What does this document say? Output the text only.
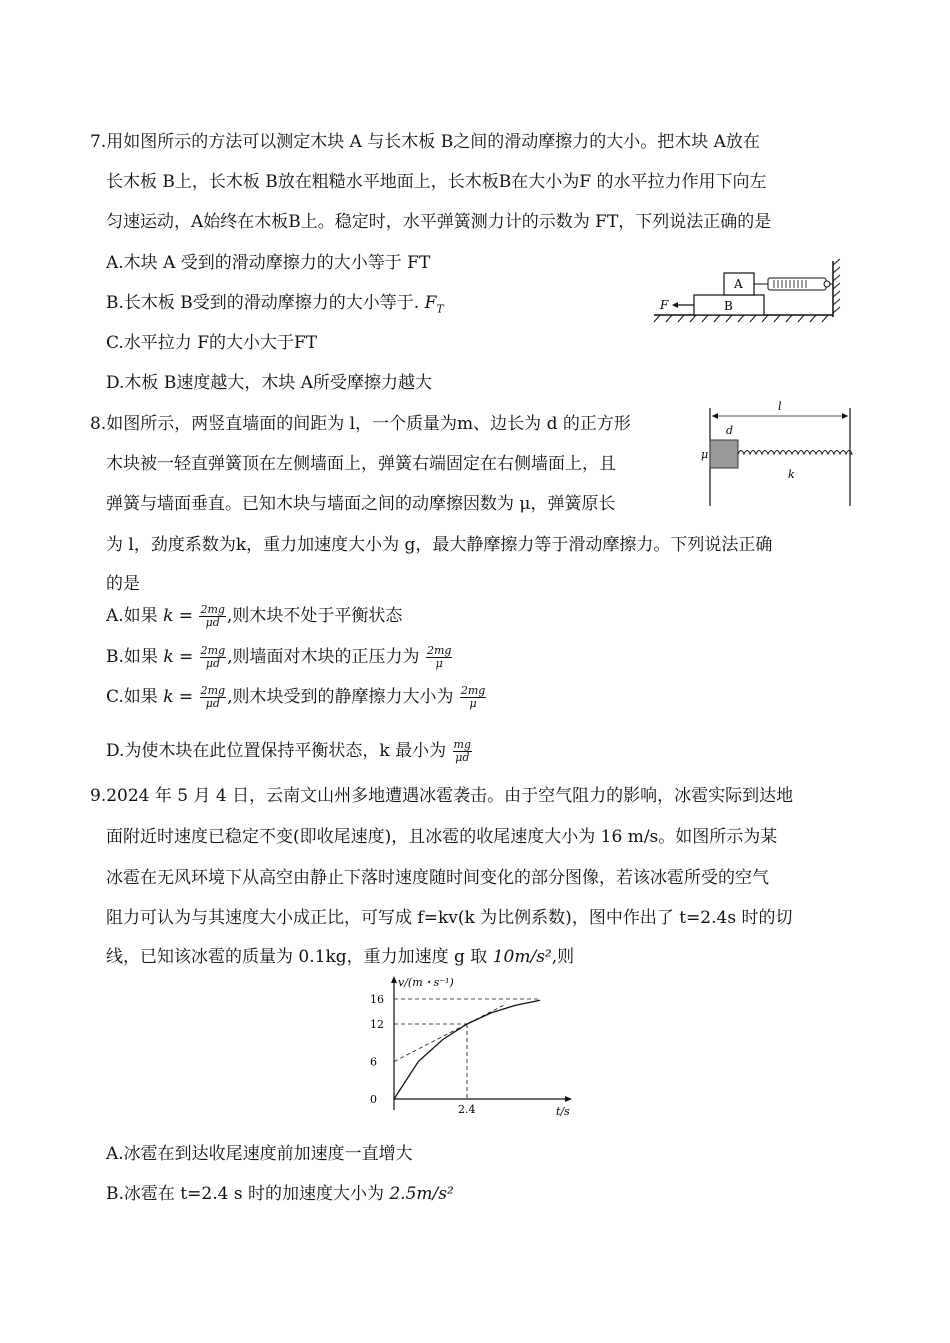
7.用如图所示的方法可以测定木块 A 与长木板 B之间的滑动摩擦力的大小。把木块 A放在
长木板 B上，长木板 B放在粗糙水平地面上，长木板B在大小为F 的水平拉力作用下向左
匀速运动，A始终在木板B上。稳定时，水平弹簧测力计的示数为 FT，下列说法正确的是
A.木块 A 受到的滑动摩擦力的大小等于 FT
B.长木板 B受到的滑动摩擦力的大小等于. $F_T$
C.水平拉力 F的大小大于FT
D.木板 B速度越大，木块 A所受摩擦力越大
B
A
F
8.如图所示，两竖直墙面的间距为 l，一个质量为m、边长为 d 的正方形
木块被一轻直弹簧顶在左侧墙面上，弹簧右端固定在右侧墙面上，且
弹簧与墙面垂直。已知木块与墙面之间的动摩擦因数为 μ，弹簧原长
为 l，劲度系数为k，重力加速度大小为 g，最大静摩擦力等于滑动摩擦力。下列说法正确
的是
l
d
μ
k
A.如果 $k = \frac{2mg}{\mu d}$ ,则木块不处于平衡状态
B.如果 $k = \frac{2mg}{\mu d}$ ,则墙面对木块的正压力为 $\frac{2mg}{\mu}$
C.如果 $k = \frac{2mg}{\mu d}$ ,则木块受到的静摩擦力大小为 $\frac{2mg}{\mu}$
D.为使木块在此位置保持平衡状态，k 最小为 $\frac{mg}{\mu d}$
9.2024 年 5 月 4 日，云南文山州多地遭遇冰雹袭击。由于空气阻力的影响，冰雹实际到达地
面附近时速度已稳定不变(即收尾速度)，且冰雹的收尾速度大小为 16 m/s。如图所示为某
冰雹在无风环境下从高空由静止下落时速度随时间变化的部分图像，若该冰雹所受的空气
阻力可认为与其速度大小成正比，可写成 f=kv(k 为比例系数)，图中作出了 t=2.4s 时的切
线，已知该冰雹的质量为 0.1kg，重力加速度 g 取 10m/s²,则
v/(m・s⁻¹)
t/s
16
12
6
0
2.4
A.冰雹在到达收尾速度前加速度一直增大
B.冰雹在 t=2.4 s 时的加速度大小为 2.5m/s²
